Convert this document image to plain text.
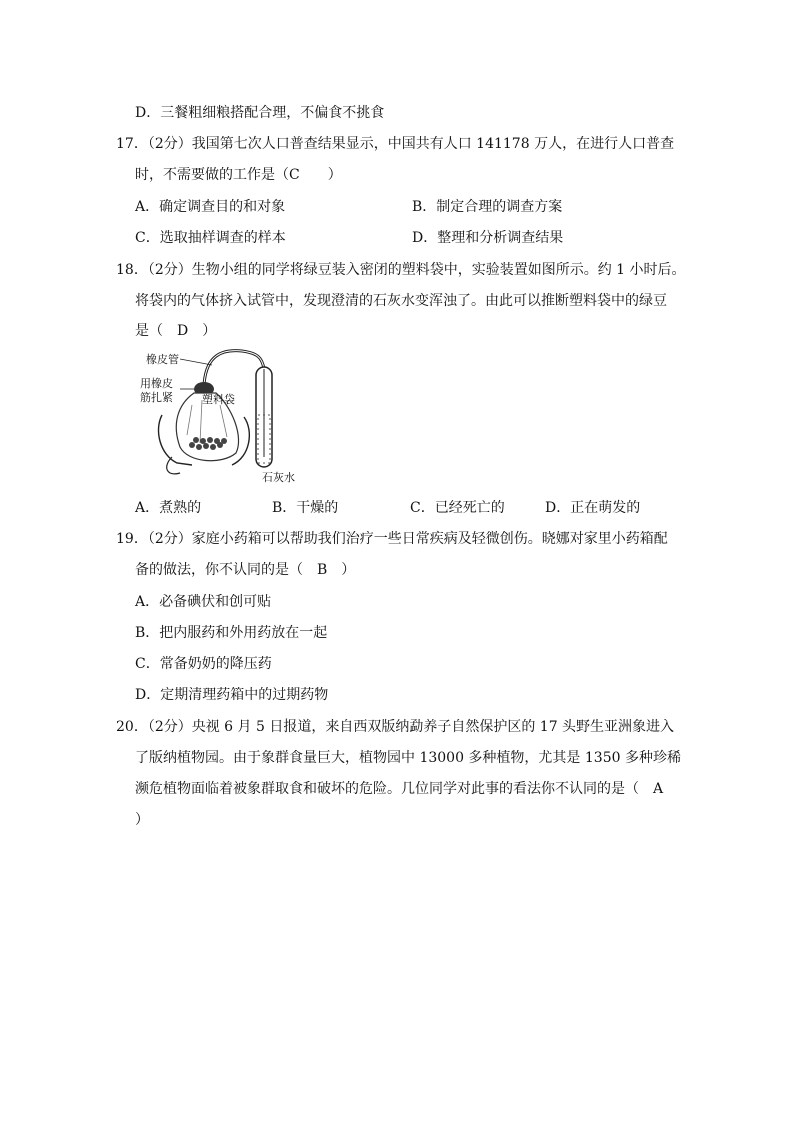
D．三餐粗细粮搭配合理，不偏食不挑食
17．（2分）我国第七次人口普查结果显示，中国共有人口 141178 万人，在进行人口普查
时，不需要做的工作是（C　　）
A．确定调查目的和对象	B．制定合理的调查方案
C．选取抽样调查的样本	D．整理和分析调查结果
18．（2分）生物小组的同学将绿豆装入密闭的塑料袋中，实验装置如图所示。约 1 小时后。
将袋内的气体挤入试管中，发现澄清的石灰水变浑浊了。由此可以推断塑料袋中的绿豆
是（　D　）
橡皮管
用橡皮
筋扎紧	塑料袋
石灰水
A．煮熟的	B．干燥的	C．已经死亡的	D．正在萌发的
19．（2分）家庭小药箱可以帮助我们治疗一些日常疾病及轻微创伤。晓娜对家里小药箱配
备的做法，你不认同的是（　B　）
A．必备碘伏和创可贴
B．把内服药和外用药放在一起
C．常备奶奶的降压药
D．定期清理药箱中的过期药物
20．（2分）央视 6 月 5 日报道，来自西双版纳勐养子自然保护区的 17 头野生亚洲象进入
了版纳植物园。由于象群食量巨大，植物园中 13000 多种植物，尤其是 1350 多种珍稀
濒危植物面临着被象群取食和破坏的危险。几位同学对此事的看法你不认同的是（　A
）
